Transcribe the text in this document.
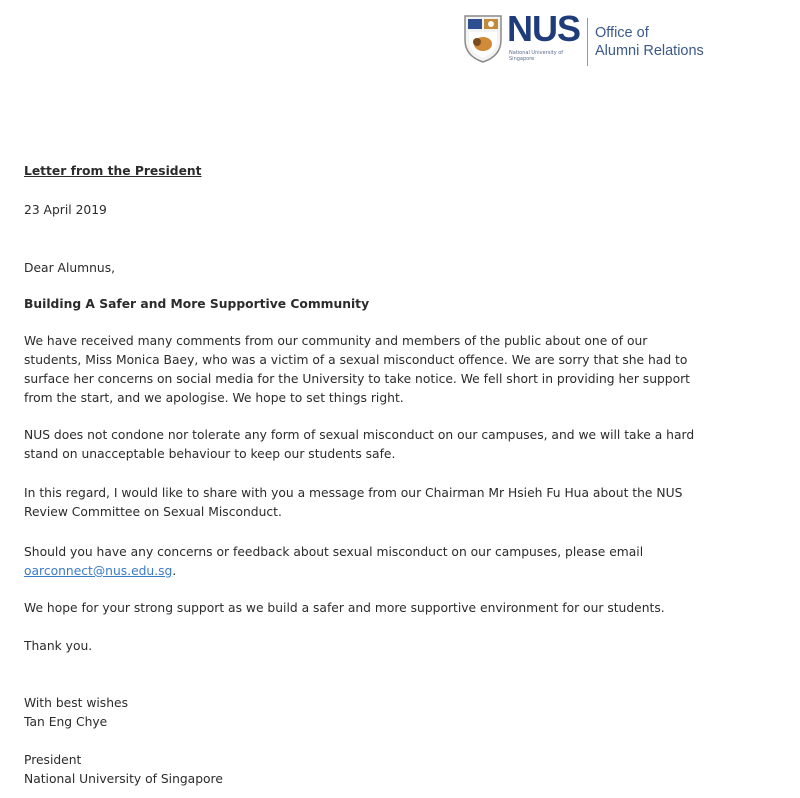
NUS
National University of Singapore
Office of
Alumni Relations
Letter from the President
23 April 2019
Dear Alumnus,
Building A Safer and More Supportive Community
We have received many comments from our community and members of the public about one of our
students, Miss Monica Baey, who was a victim of a sexual misconduct offence. We are sorry that she had to
surface her concerns on social media for the University to take notice. We fell short in providing her support
from the start, and we apologise. We hope to set things right.
NUS does not condone nor tolerate any form of sexual misconduct on our campuses, and we will take a hard
stand on unacceptable behaviour to keep our students safe.
In this regard, I would like to share with you a message from our Chairman Mr Hsieh Fu Hua about the NUS
Review Committee on Sexual Misconduct.
Should you have any concerns or feedback about sexual misconduct on our campuses, please email
oarconnect@nus.edu.sg.
We hope for your strong support as we build a safer and more supportive environment for our students.
Thank you.
With best wishes
Tan Eng Chye
President
National University of Singapore
